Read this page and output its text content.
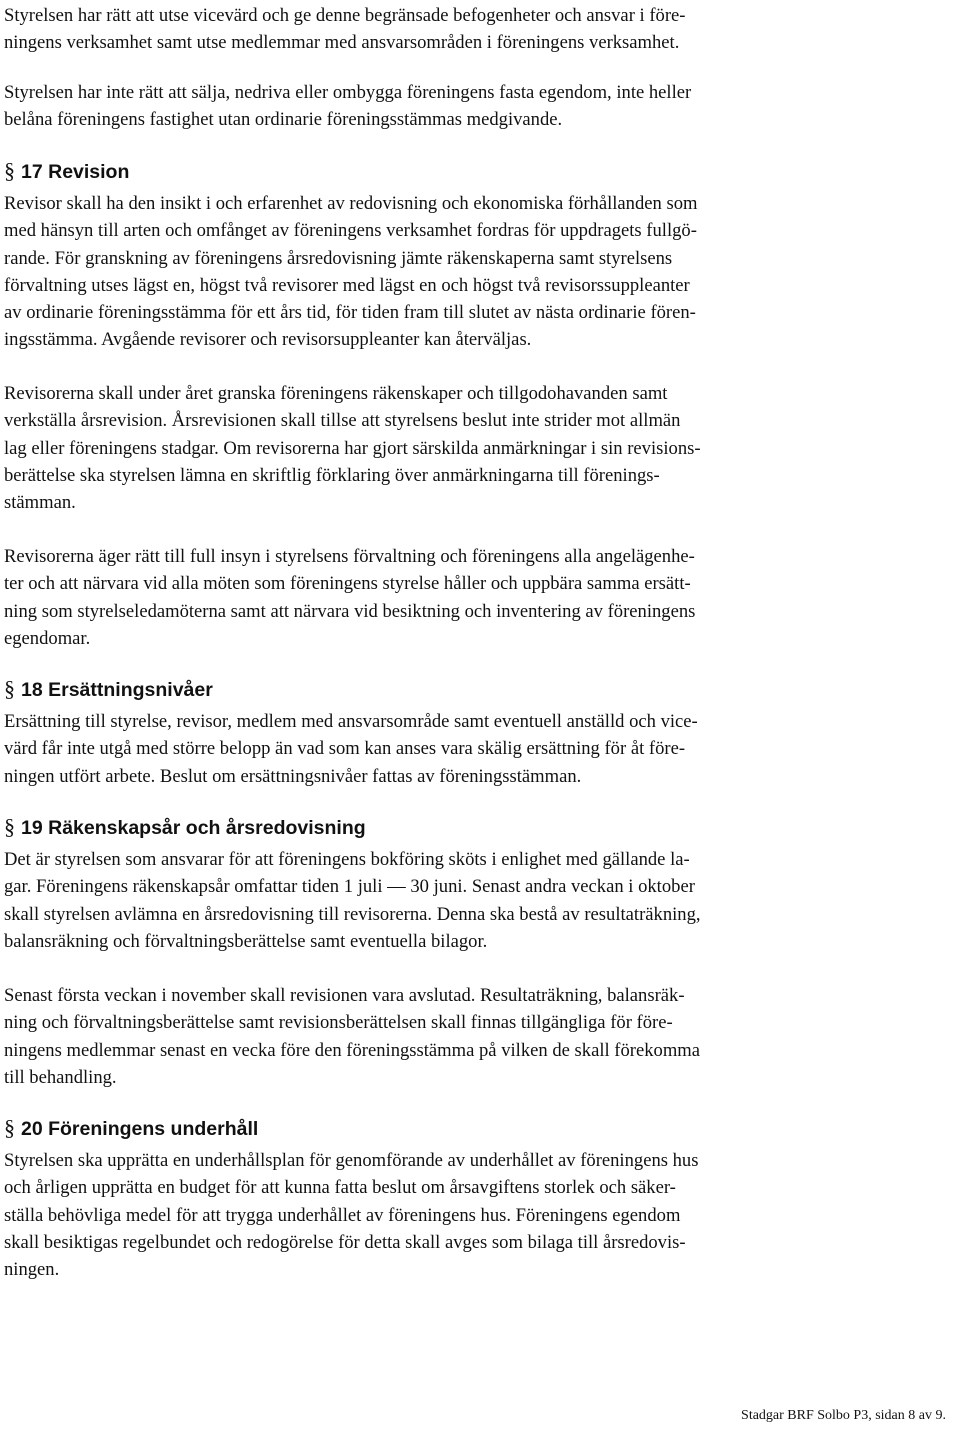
Styrelsen har rätt att utse vicevärd och ge denne begränsade befogenheter och ansvar i före-
ningens verksamhet samt utse medlemmar med ansvarsområden i föreningens verksamhet.

Styrelsen har inte rätt att sälja, nedriva eller ombygga föreningens fasta egendom, inte heller
belåna föreningens fastighet utan ordinarie föreningsstämmas medgivande.

§ 17 Revision

Revisor skall ha den insikt i och erfarenhet av redovisning och ekonomiska förhållanden som
med hänsyn till arten och omfånget av föreningens verksamhet fordras för uppdragets fullgö-
rande. För granskning av föreningens årsredovisning jämte räkenskaperna samt styrelsens
förvaltning utses lägst en, högst två revisorer med lägst en och högst två revisorssuppleanter
av ordinarie föreningsstämma för ett års tid, för tiden fram till slutet av nästa ordinarie fören-
ingsstämma. Avgående revisorer och revisorsuppleanter kan återväljas.

Revisorerna skall under året granska föreningens räkenskaper och tillgodohavanden samt
verkställa årsrevision. Årsrevisionen skall tillse att styrelsens beslut inte strider mot allmän
lag eller föreningens stadgar. Om revisorerna har gjort särskilda anmärkningar i sin revisions-
berättelse ska styrelsen lämna en skriftlig förklaring över anmärkningarna till förenings-
stämman.

Revisorerna äger rätt till full insyn i styrelsens förvaltning och föreningens alla angelägenhe-
ter och att närvara vid alla möten som föreningens styrelse håller och uppbära samma ersätt-
ning som styrelseledamöterna samt att närvara vid besiktning och inventering av föreningens
egendomar.

§ 18 Ersättningsnivåer

Ersättning till styrelse, revisor, medlem med ansvarsområde samt eventuell anställd och vice-
värd får inte utgå med större belopp än vad som kan anses vara skälig ersättning för åt före-
ningen utfört arbete. Beslut om ersättningsnivåer fattas av föreningsstämman.

§ 19 Räkenskapsår och årsredovisning

Det är styrelsen som ansvarar för att föreningens bokföring sköts i enlighet med gällande la-
gar. Föreningens räkenskapsår omfattar tiden 1 juli — 30 juni. Senast andra veckan i oktober
skall styrelsen avlämna en årsredovisning till revisorerna. Denna ska bestå av resultaträkning,
balansräkning och förvaltningsberättelse samt eventuella bilagor.

Senast första veckan i november skall revisionen vara avslutad. Resultaträkning, balansräk-
ning och förvaltningsberättelse samt revisionsberättelsen skall finnas tillgängliga för före-
ningens medlemmar senast en vecka före den föreningsstämma på vilken de skall förekomma
till behandling.

§ 20 Föreningens underhåll

Styrelsen ska upprätta en underhållsplan för genomförande av underhållet av föreningens hus
och årligen upprätta en budget för att kunna fatta beslut om årsavgiftens storlek och säker-
ställa behövliga medel för att trygga underhållet av föreningens hus. Föreningens egendom
skall besiktigas regelbundet och redogörelse för detta skall avges som bilaga till årsredovis-
ningen.

Stadgar BRF Solbo P3, sidan 8 av 9.
